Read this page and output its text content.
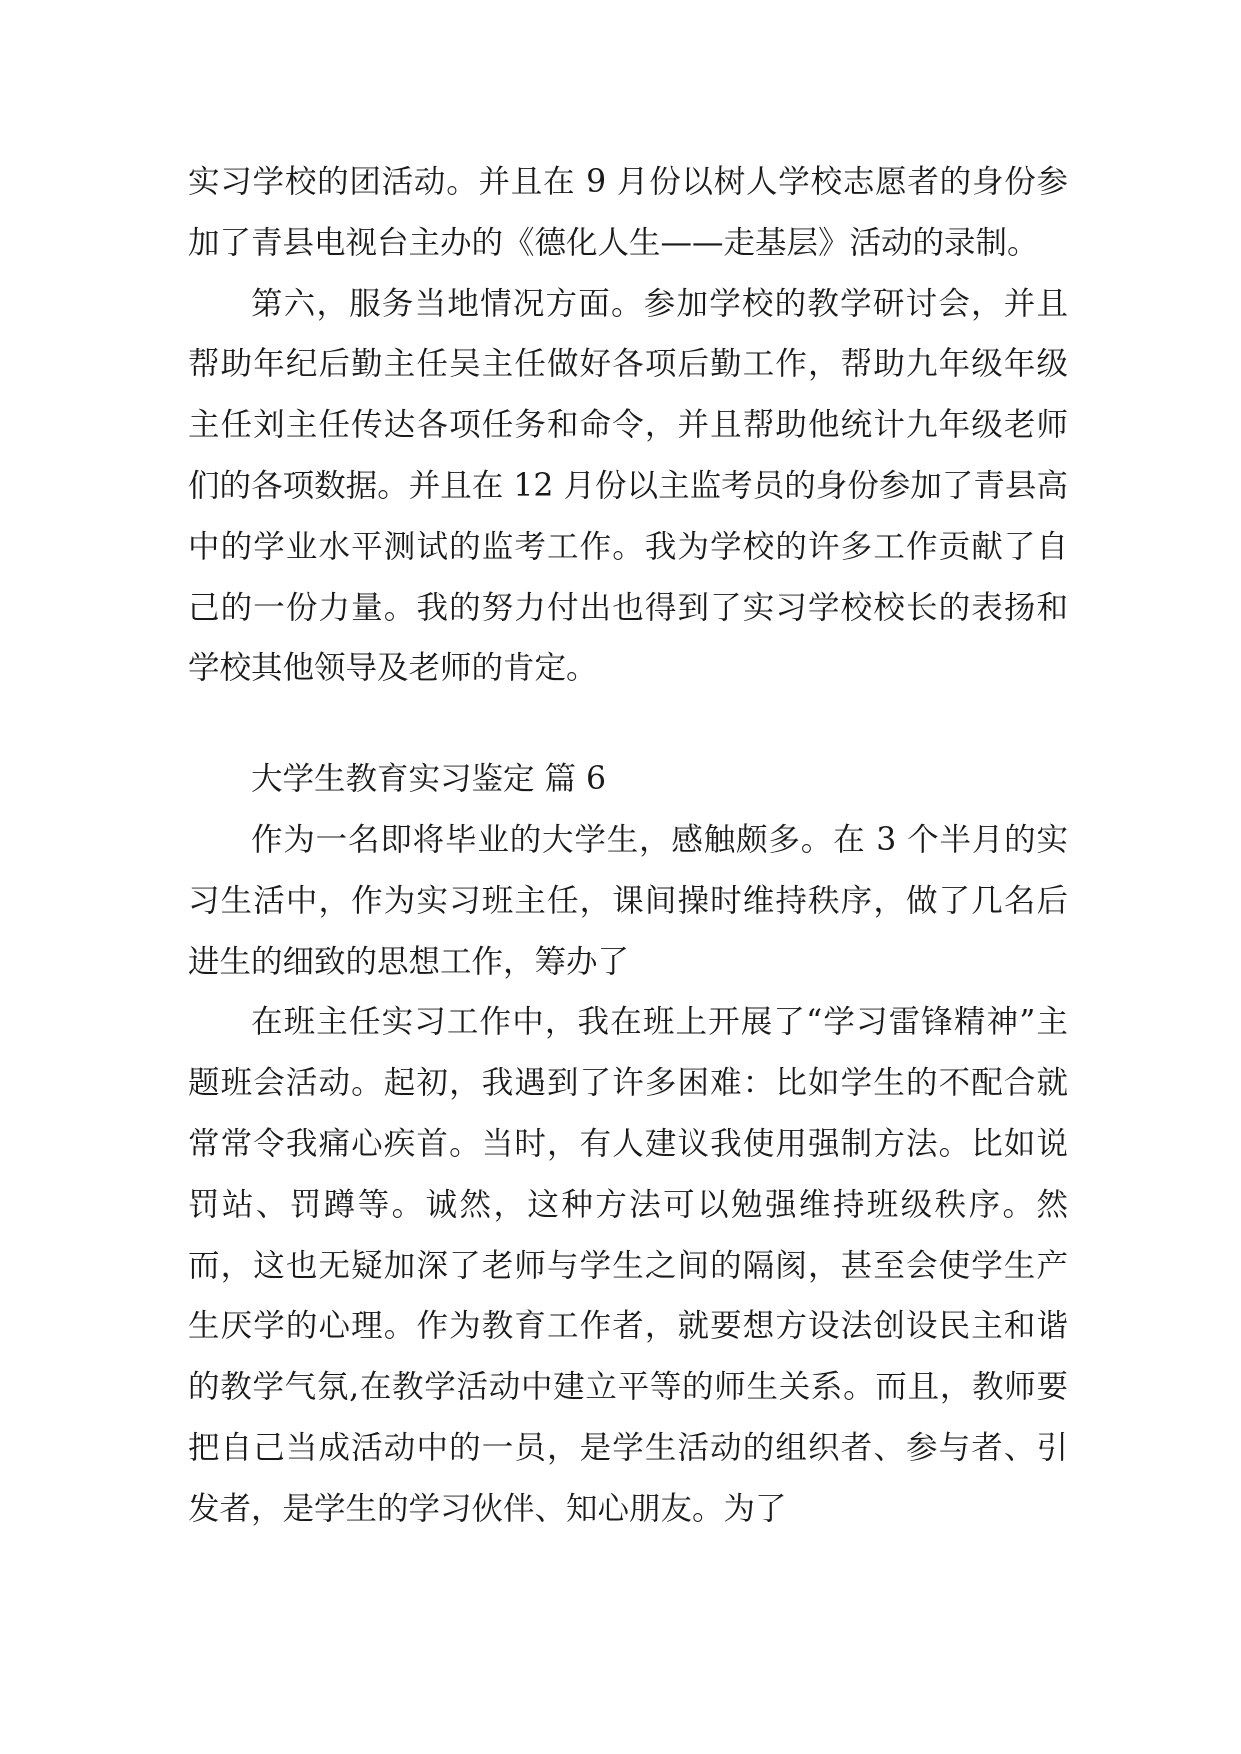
实习学校的团活动。并且在 9 月份以树人学校志愿者的身份参加了青县电视台主办的《德化人生——走基层》活动的录制。

第六，服务当地情况方面。参加学校的教学研讨会，并且帮助年纪后勤主任吴主任做好各项后勤工作，帮助九年级年级主任刘主任传达各项任务和命令，并且帮助他统计九年级老师们的各项数据。并且在 12 月份以主监考员的身份参加了青县高中的学业水平测试的监考工作。我为学校的许多工作贡献了自己的一份力量。我的努力付出也得到了实习学校校长的表扬和学校其他领导及老师的肯定。

大学生教育实习鉴定 篇 6

作为一名即将毕业的大学生，感触颇多。在 3 个半月的实习生活中，作为实习班主任，课间操时维持秩序，做了几名后进生的细致的思想工作，筹办了

在班主任实习工作中，我在班上开展了“学习雷锋精神”主题班会活动。起初，我遇到了许多困难：比如学生的不配合就常常令我痛心疾首。当时，有人建议我使用强制方法。比如说罚站、罚蹲等。诚然，这种方法可以勉强维持班级秩序。然而，这也无疑加深了老师与学生之间的隔阂，甚至会使学生产生厌学的心理。作为教育工作者，就要想方设法创设民主和谐的教学气氛,在教学活动中建立平等的师生关系。而且，教师要把自己当成活动中的一员，是学生活动的组织者、参与者、引发者，是学生的学习伙伴、知心朋友。为了
